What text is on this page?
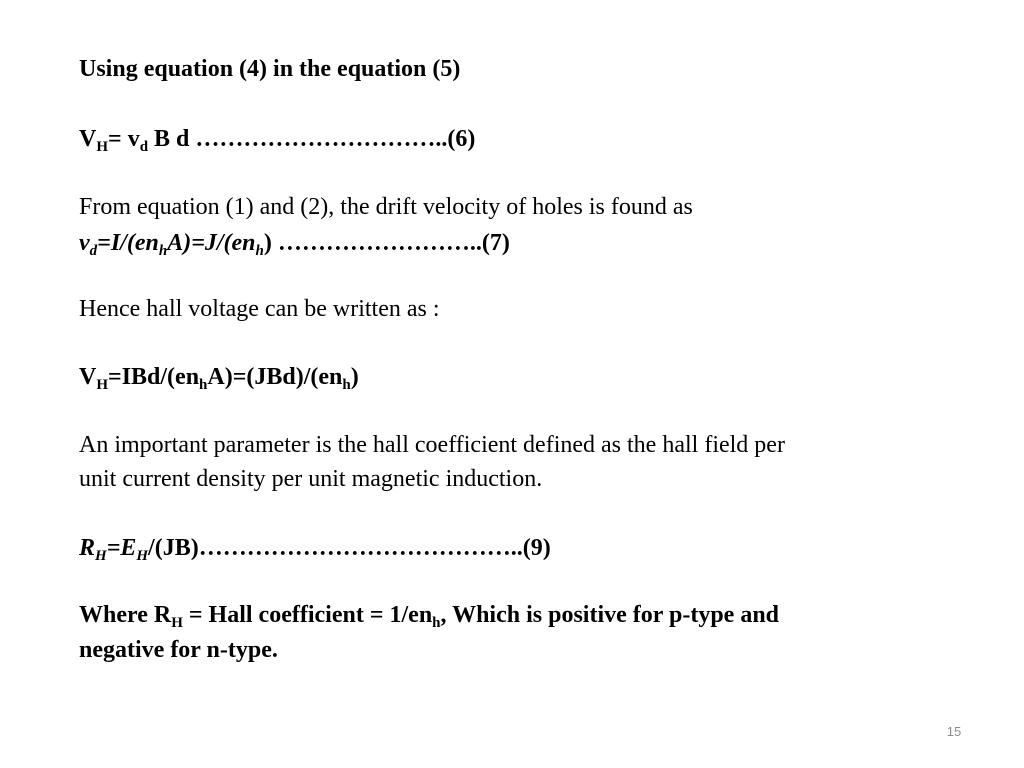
Using equation (4) in the equation (5)
$V_H= v_d$ B d …………………………..(6)
From equation (1) and (2), the drift velocity of holes is found as
$v_d=I/(en_hA)=J/(en_h)$ ……………………..(7)
Hence hall voltage can be written as :
$V_H=IBd/(en_hA)=(JBd)/(en_h)$
An important parameter is the hall coefficient defined as the hall field per
unit current density per unit magnetic induction.
$R_H=E_H/(JB)\dots\dots\dots\dots\dots\dots\dots\dots\dots\dots\dots\dots\dots..(9)$
Where $R_H$ = Hall coefficient = $1/en_h$, Which is positive for p-type and
negative for n-type.
15
